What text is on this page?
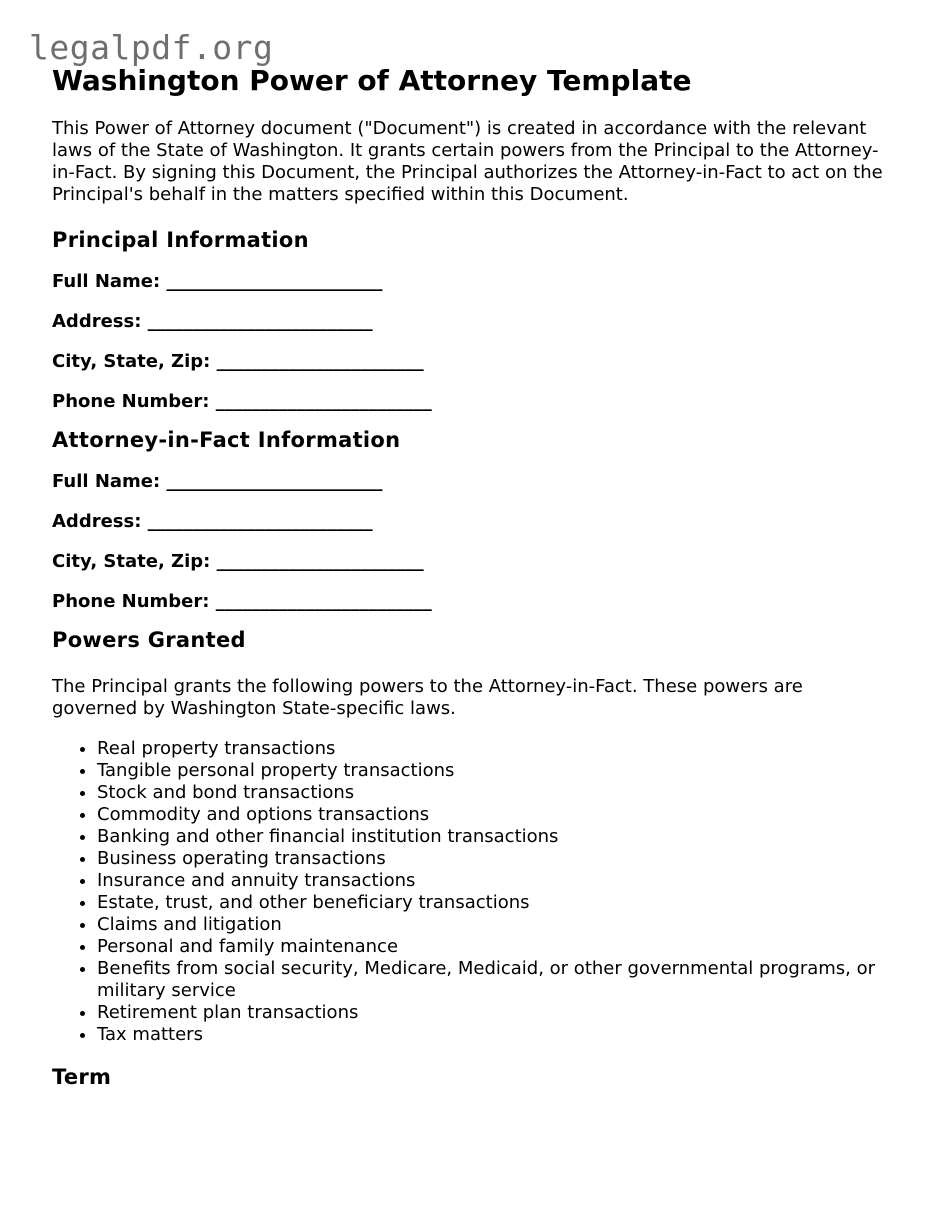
legalpdf.org
Washington Power of Attorney Template

This Power of Attorney document ("Document") is created in accordance with the relevant laws of the State of Washington. It grants certain powers from the Principal to the Attorney-in-Fact. By signing this Document, the Principal authorizes the Attorney-in-Fact to act on the Principal's behalf in the matters specified within this Document.

Principal Information

Full Name: ________________________

Address: _________________________

City, State, Zip: _______________________

Phone Number: ________________________

Attorney-in-Fact Information

Full Name: ________________________

Address: _________________________

City, State, Zip: _______________________

Phone Number: ________________________

Powers Granted

The Principal grants the following powers to the Attorney-in-Fact. These powers are governed by Washington State-specific laws.

• Real property transactions
• Tangible personal property transactions
• Stock and bond transactions
• Commodity and options transactions
• Banking and other financial institution transactions
• Business operating transactions
• Insurance and annuity transactions
• Estate, trust, and other beneficiary transactions
• Claims and litigation
• Personal and family maintenance
• Benefits from social security, Medicare, Medicaid, or other governmental programs, or military service
• Retirement plan transactions
• Tax matters
Term
